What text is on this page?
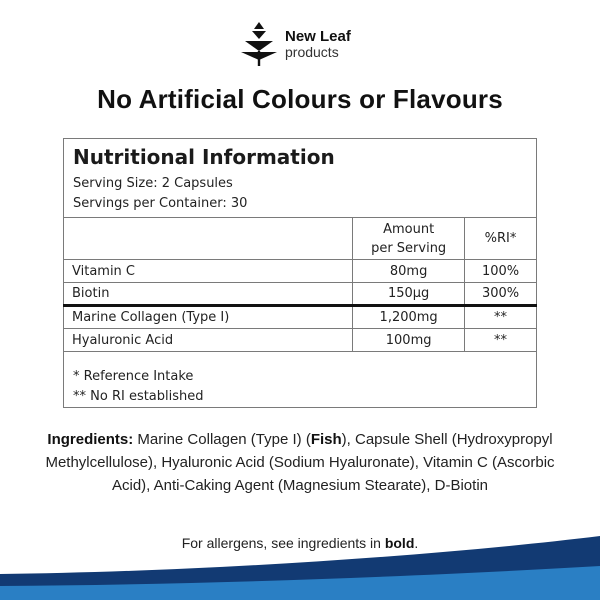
New Leaf
products
No Artificial Colours or Flavours
Nutritional Information
Serving Size: 2 Capsules
Servings per Container: 30
	Amount
per Serving	%RI*
Vitamin C	80mg	100%
Biotin	150µg	300%
Marine Collagen (Type I)	1,200mg	**
Hyaluronic Acid	100mg	**
* Reference Intake
** No RI established
Ingredients: Marine Collagen (Type I) (Fish), Capsule Shell (Hydroxypropyl Methylcellulose), Hyaluronic Acid (Sodium Hyaluronate), Vitamin C (Ascorbic Acid), Anti-Caking Agent (Magnesium Stearate), D-Biotin
For allergens, see ingredients in bold.
